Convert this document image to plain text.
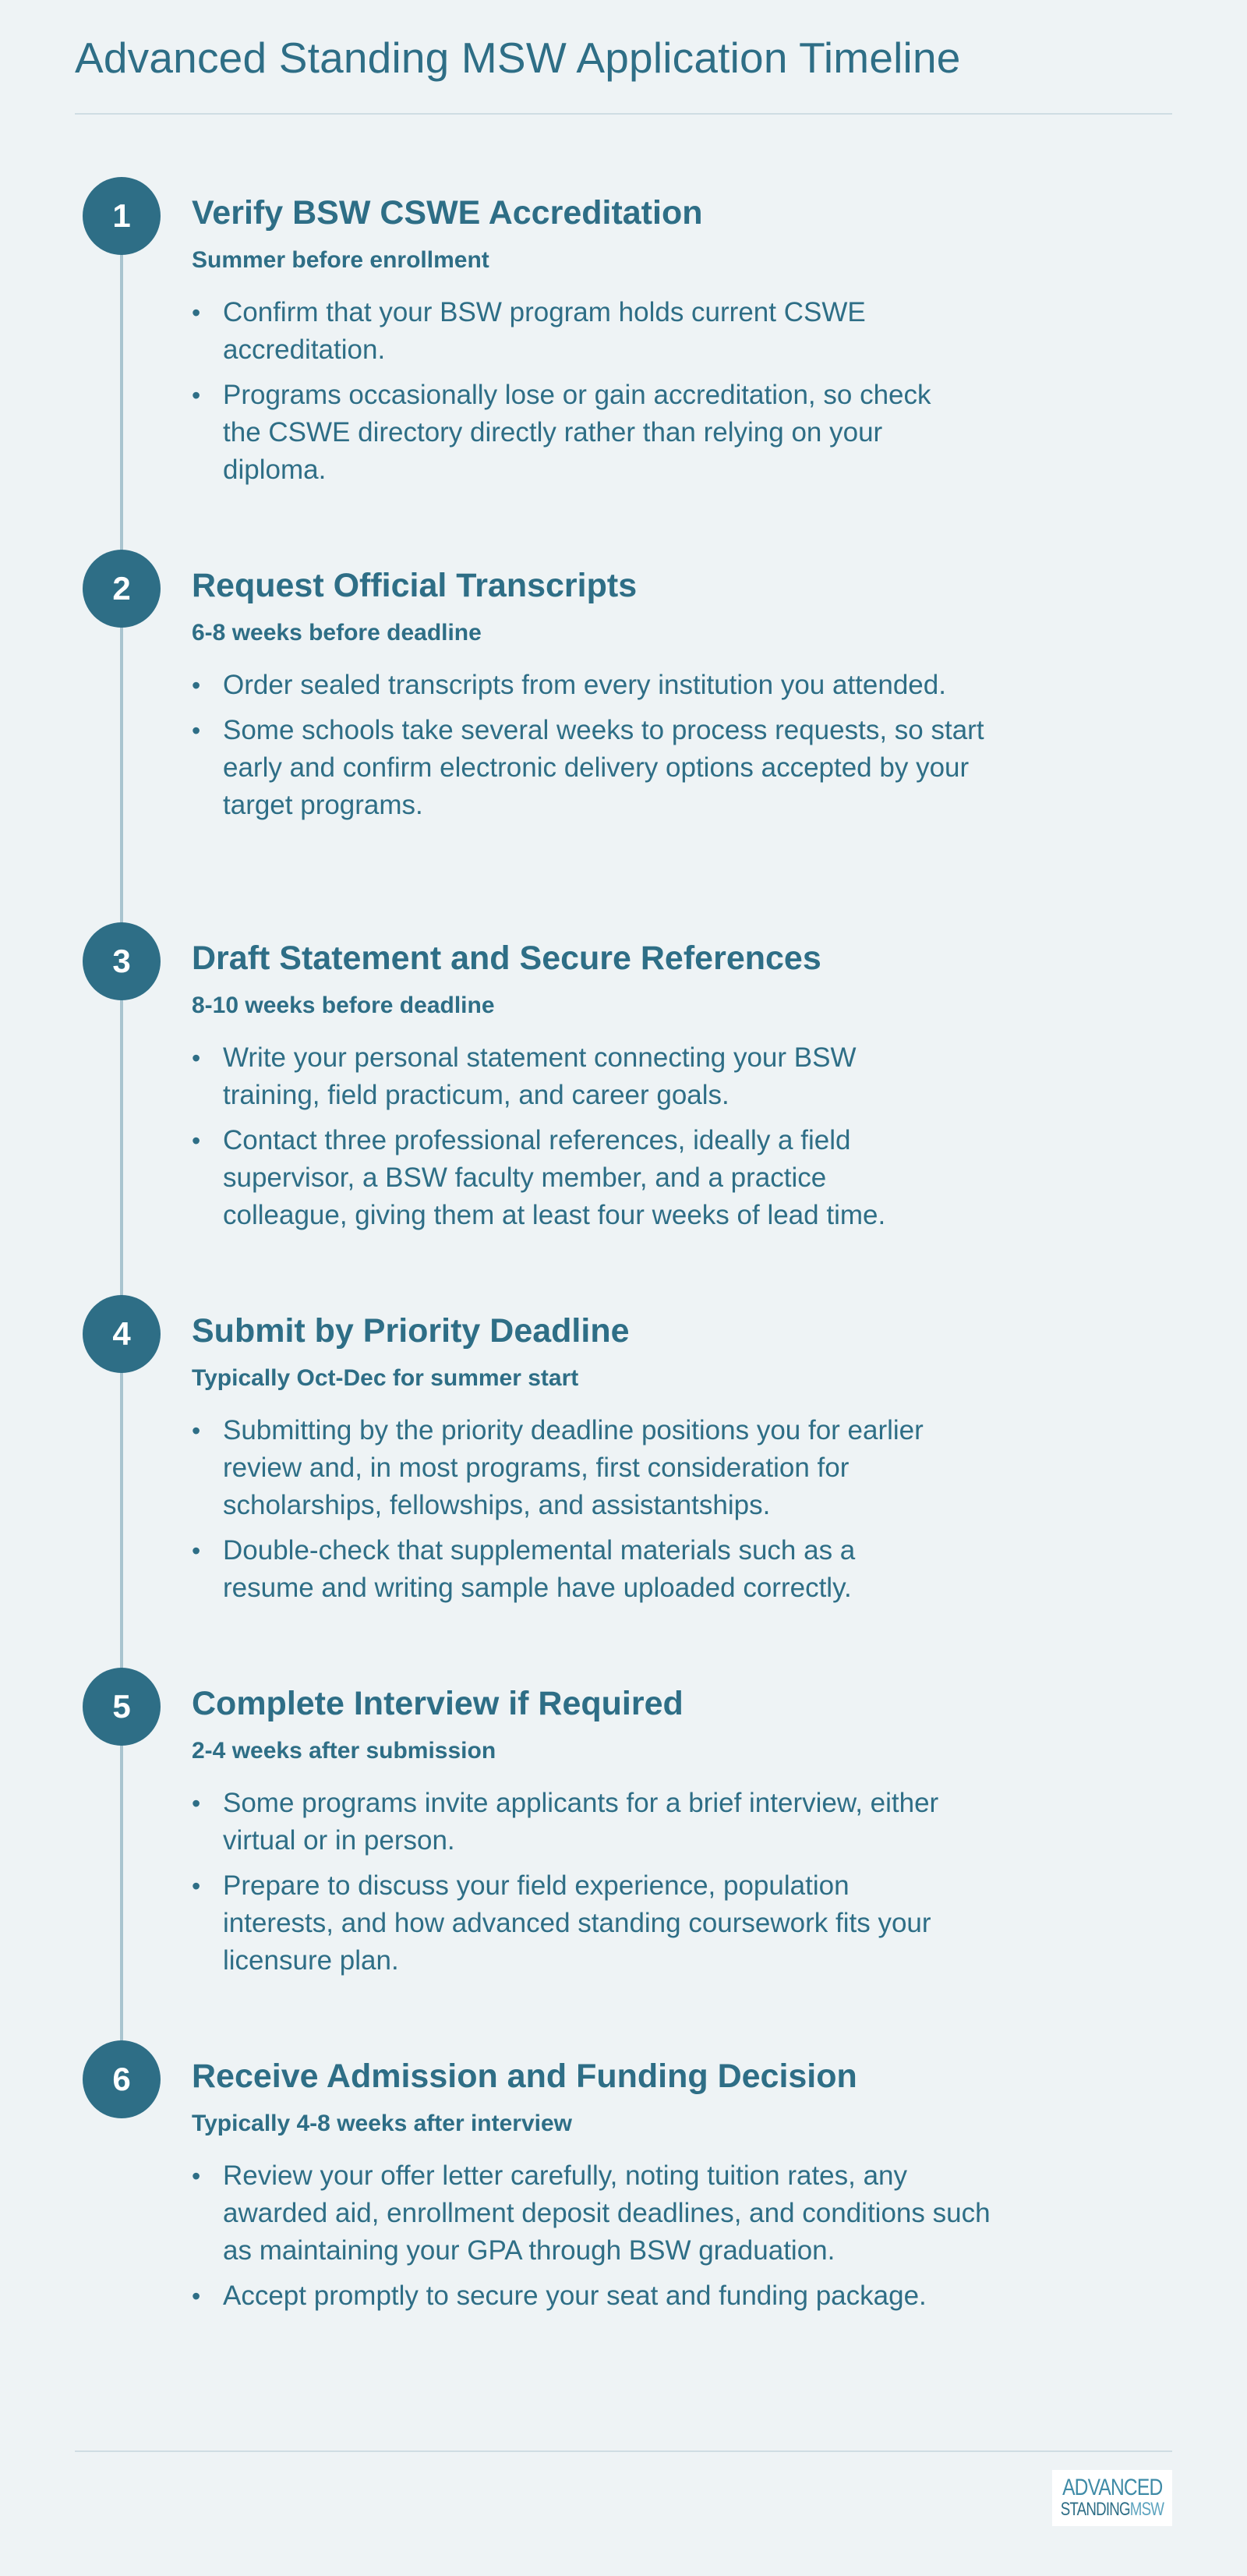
Advanced Standing MSW Application Timeline
1	Verify BSW CSWE Accreditation
Summer before enrollment
• Confirm that your BSW program holds current CSWE accreditation.
• Programs occasionally lose or gain accreditation, so check the CSWE directory directly rather than relying on your diploma.
2	Request Official Transcripts
6-8 weeks before deadline
• Order sealed transcripts from every institution you attended.
• Some schools take several weeks to process requests, so start early and confirm electronic delivery options accepted by your target programs.
3	Draft Statement and Secure References
8-10 weeks before deadline
• Write your personal statement connecting your BSW training, field practicum, and career goals.
• Contact three professional references, ideally a field supervisor, a BSW faculty member, and a practice colleague, giving them at least four weeks of lead time.
4	Submit by Priority Deadline
Typically Oct-Dec for summer start
• Submitting by the priority deadline positions you for earlier review and, in most programs, first consideration for scholarships, fellowships, and assistantships.
• Double-check that supplemental materials such as a resume and writing sample have uploaded correctly.
5	Complete Interview if Required
2-4 weeks after submission
• Some programs invite applicants for a brief interview, either virtual or in person.
• Prepare to discuss your field experience, population interests, and how advanced standing coursework fits your licensure plan.
6	Receive Admission and Funding Decision
Typically 4-8 weeks after interview
• Review your offer letter carefully, noting tuition rates, any awarded aid, enrollment deposit deadlines, and conditions such as maintaining your GPA through BSW graduation.
• Accept promptly to secure your seat and funding package.
ADVANCED
STANDINGMSW
